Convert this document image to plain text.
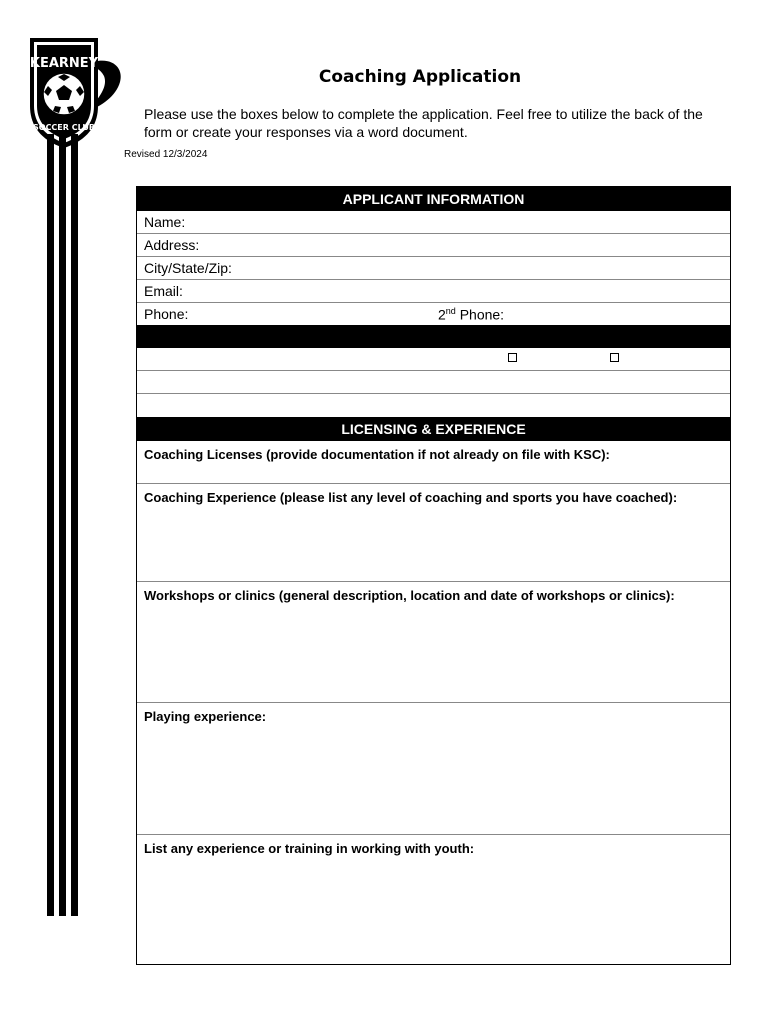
KEARNEY
SOCCER CLUB
Coaching Application
Please use the boxes below to complete the application. Feel free to utilize the back of the
form or create your responses via a word document.
Revised 12/3/2024
APPLICANT INFORMATION
Name:
Address:
City/State/Zip:
Email:
Phone:	2nd Phone:
LICENSING & EXPERIENCE
Coaching Licenses (provide documentation if not already on file with KSC):
Coaching Experience (please list any level of coaching and sports you have coached):
Workshops or clinics (general description, location and date of workshops or clinics):
Playing experience:
List any experience or training in working with youth:
